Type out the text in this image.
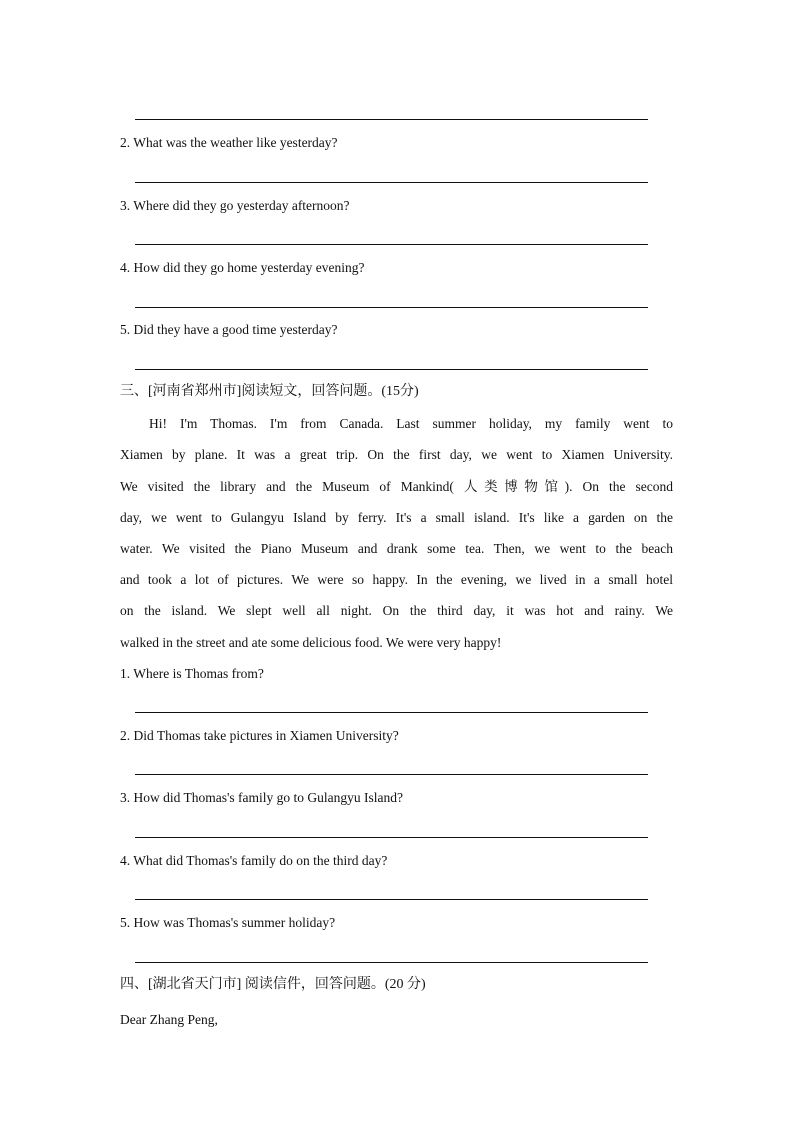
2. What was the weather like yesterday?
3. Where did they go yesterday afternoon?
4. How did they go home yesterday evening?
5. Did they have a good time yesterday?
三、[河南省郑州市]阅读短文，回答问题。(15分)
Hi! I'm Thomas. I'm from Canada. Last summer holiday, my family went to
Xiamen by plane. It was a great trip. On the first day, we went to Xiamen University.
We visited the library and the Museum of Mankind( 人类博物馆). On the second
day, we went to Gulangyu Island by ferry. It's a small island. It's like a garden on the
water. We visited the Piano Museum and drank some tea. Then, we went to the beach
and took a lot of pictures. We were so happy. In the evening, we lived in a small hotel
on the island. We slept well all night. On the third day, it was hot and rainy. We
walked in the street and ate some delicious food. We were very happy!
1. Where is Thomas from?
2. Did Thomas take pictures in Xiamen University?
3. How did Thomas's family go to Gulangyu Island?
4. What did Thomas's family do on the third day?
5. How was Thomas's summer holiday?
四、[湖北省天门市] 阅读信件，回答问题。(20 分)
Dear Zhang Peng,
